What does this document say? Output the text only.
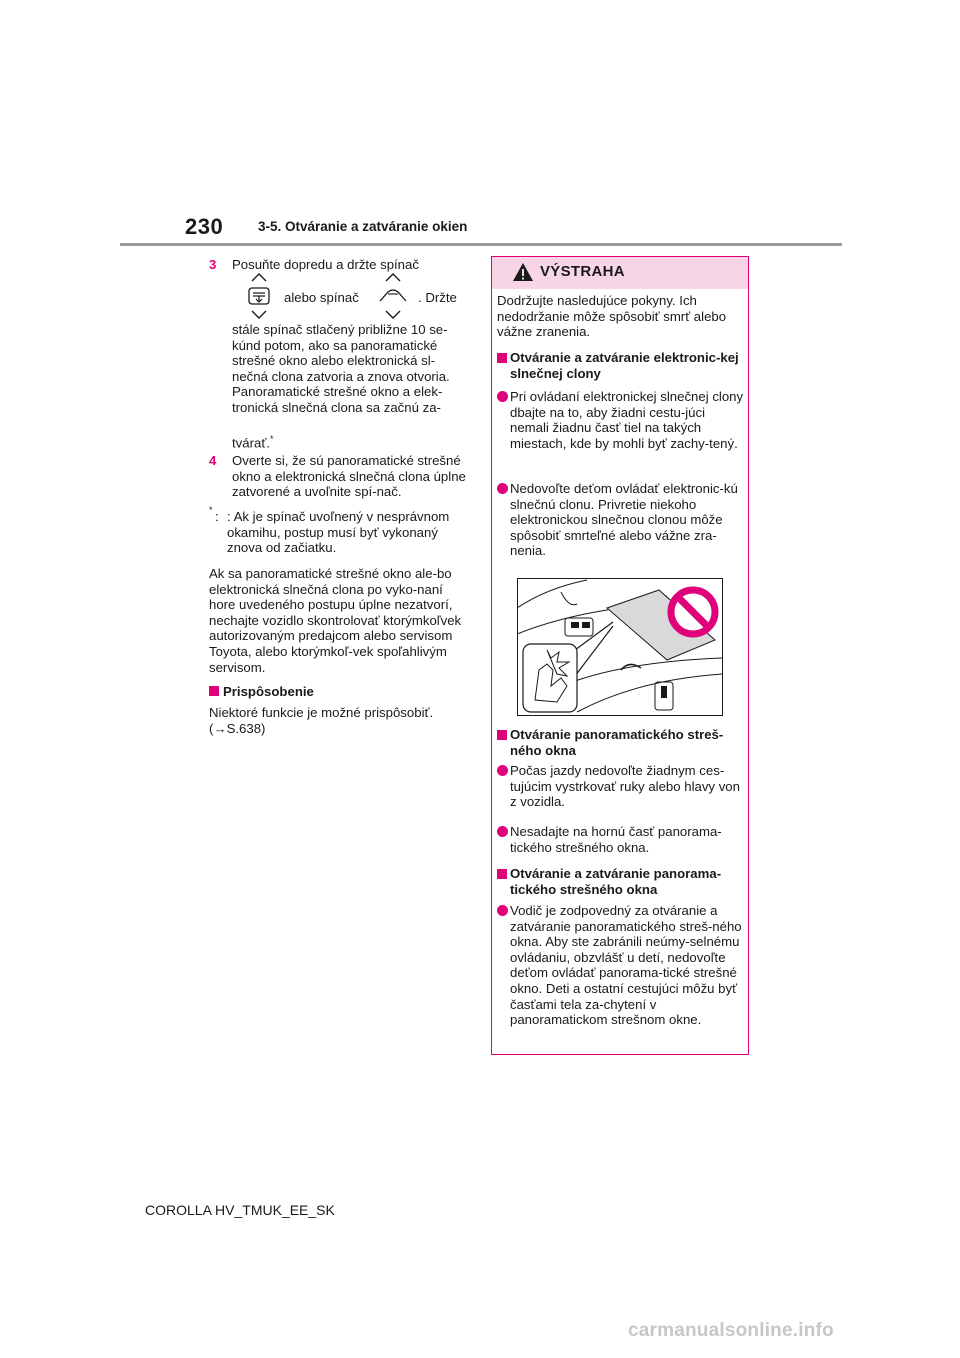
230	3-5. Otváranie a zatváranie okien
3 Posuňte dopredu a držte spínač
alebo spínač	. Držte
stále spínač stlačený približne 10 se-kúnd potom, ako sa panoramatické strešné okno alebo elektronická sl-nečná clona zatvoria a znova otvoria. Panoramatické strešné okno a elek-tronická slnečná clona sa začnú za-
tvárať.*
4 Overte si, že sú panoramatické strešné okno a elektronická slnečná clona úplne zatvorené a uvoľnite spí-nač.
* : : Ak je spínač uvoľnený v nesprávnom okamihu, postup musí byť vykonaný znova od začiatku.
Ak sa panoramatické strešné okno ale-bo elektronická slnečná clona po vyko-naní hore uvedeného postupu úplne nezatvorí, nechajte vozidlo skontrolovať ktorýmkoľvek autorizovaným predajcom alebo servisom Toyota, alebo ktorýmkoľ-vek spoľahlivým servisom.
Prispôsobenie
Niektoré funkcie je možné prispôsobiť.
(→S.638)
VÝSTRAHA
Dodržujte nasledujúce pokyny. Ich nedodržanie môže spôsobiť smrť alebo vážne zranenia.
Otváranie a zatváranie elektronic-kej slnečnej clony
Pri ovládaní elektronickej slnečnej clony dbajte na to, aby žiadni cestu-júci nemali žiadnu časť tiel na takých miestach, kde by mohli byť zachy-tený.
Nedovoľte deťom ovládať elektronic-kú slnečnú clonu. Privretie niekoho elektronickou slnečnou clonou môže spôsobiť smrteľné alebo vážne zra-nenia.
Otváranie panoramatického streš-ného okna
Počas jazdy nedovoľte žiadnym ces-tujúcim vystrkovať ruky alebo hlavy von z vozidla.
Nesadajte na hornú časť panorama-tického strešného okna.
Otváranie a zatváranie panorama-tického strešného okna
Vodič je zodpovedný za otváranie a zatváranie panoramatického streš-ného okna. Aby ste zabránili neúmy-selnému ovládaniu, obzvlášť u detí, nedovoľte deťom ovládať panorama-tické strešné okno. Deti a ostatní cestujúci môžu byť časťami tela za-chytení v panoramatickom strešnom okne.
COROLLA HV_TMUK_EE_SK
carmanualsonline.info
